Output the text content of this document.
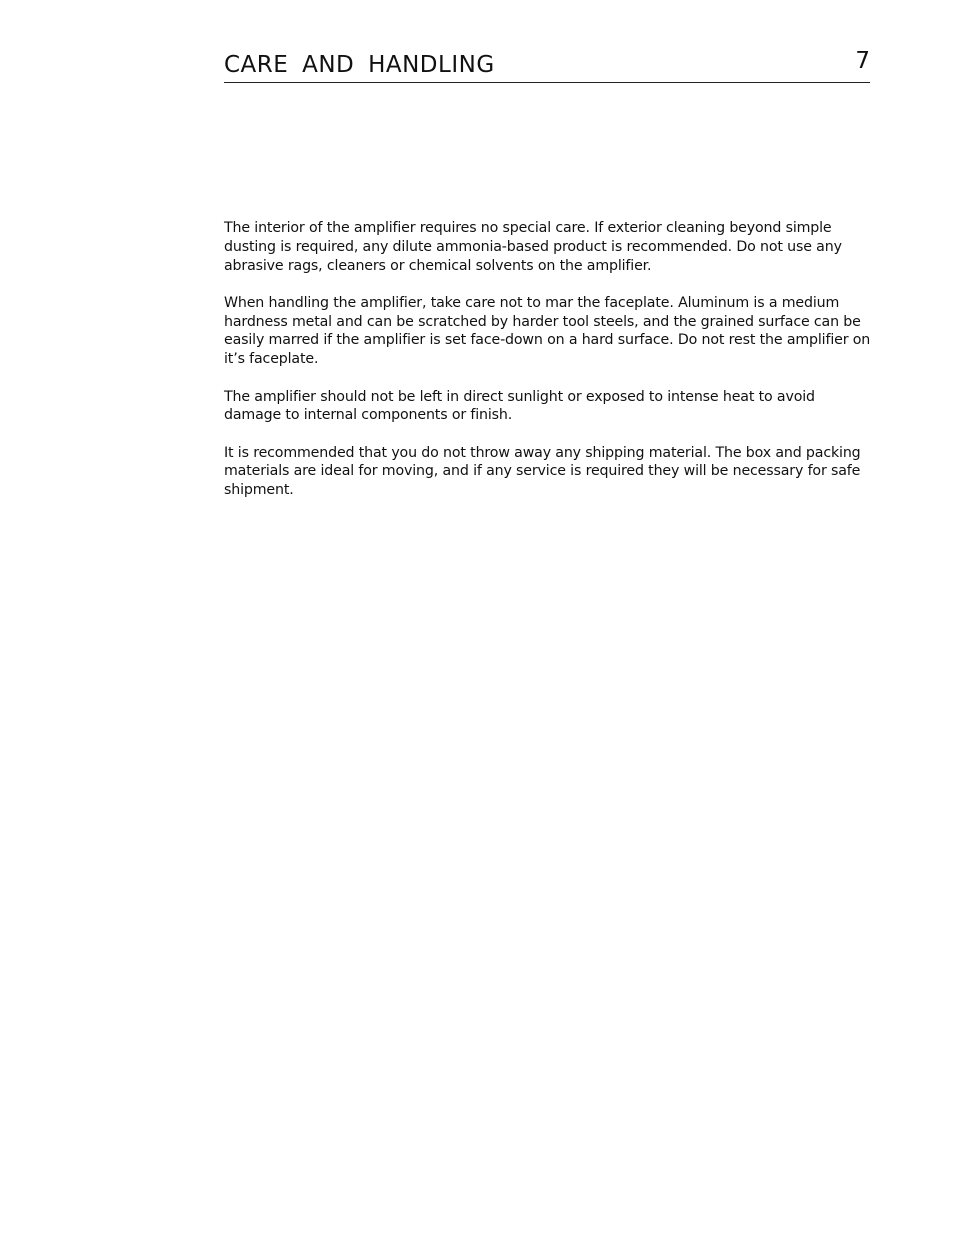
CARE AND HANDLING	7

The interior of the amplifier requires no special care. If exterior cleaning beyond simple dusting is required, any dilute ammonia-based product is recommended. Do not use any abrasive rags, cleaners or chemical solvents on the amplifier.

When handling the amplifier, take care not to mar the faceplate. Aluminum is a medium hardness metal and can be scratched by harder tool steels, and the grained surface can be easily marred if the amplifier is set face-down on a hard surface. Do not rest the amplifier on it’s faceplate.

The amplifier should not be left in direct sunlight or exposed to intense heat to avoid damage to internal components or finish.

It is recommended that you do not throw away any shipping material. The box and packing materials are ideal for moving, and if any service is required they will be necessary for safe shipment.
